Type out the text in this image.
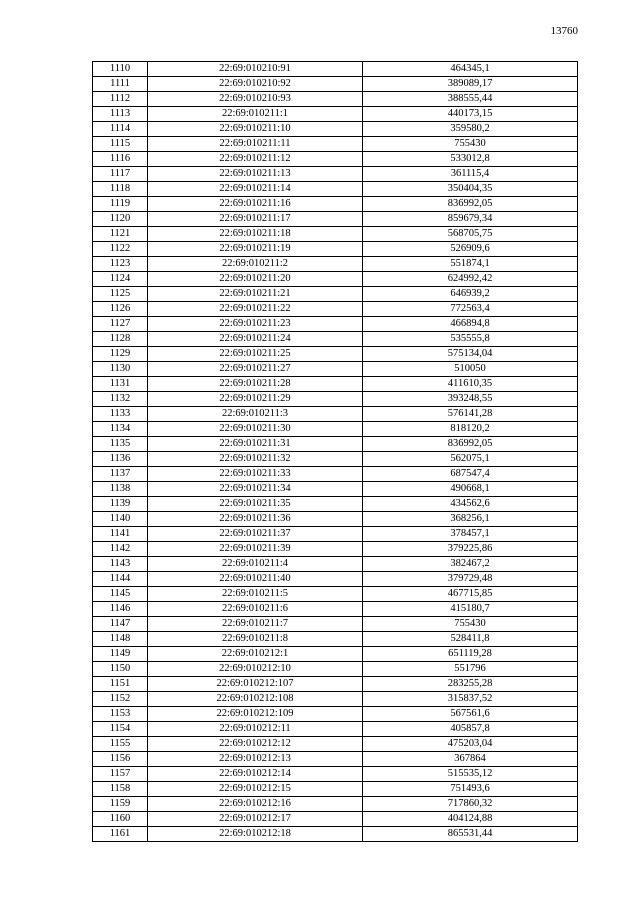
13760
1110	22:69:010210:91	464345,1
1111	22:69:010210:92	389089,17
1112	22:69:010210:93	388555,44
1113	22:69:010211:1	440173,15
1114	22:69:010211:10	359580,2
1115	22:69:010211:11	755430
1116	22:69:010211:12	533012,8
1117	22:69:010211:13	361115,4
1118	22:69:010211:14	350404,35
1119	22:69:010211:16	836992,05
1120	22:69:010211:17	859679,34
1121	22:69:010211:18	568705,75
1122	22:69:010211:19	526909,6
1123	22:69:010211:2	551874,1
1124	22:69:010211:20	624992,42
1125	22:69:010211:21	646939,2
1126	22:69:010211:22	772563,4
1127	22:69:010211:23	466894,8
1128	22:69:010211:24	535555,8
1129	22:69:010211:25	575134,04
1130	22:69:010211:27	510050
1131	22:69:010211:28	411610,35
1132	22:69:010211:29	393248,55
1133	22:69:010211:3	576141,28
1134	22:69:010211:30	818120,2
1135	22:69:010211:31	836992,05
1136	22:69:010211:32	562075,1
1137	22:69:010211:33	687547,4
1138	22:69:010211:34	490668,1
1139	22:69:010211:35	434562,6
1140	22:69:010211:36	368256,1
1141	22:69:010211:37	378457,1
1142	22:69:010211:39	379225,86
1143	22:69:010211:4	382467,2
1144	22:69:010211:40	379729,48
1145	22:69:010211:5	467715,85
1146	22:69:010211:6	415180,7
1147	22:69:010211:7	755430
1148	22:69:010211:8	528411,8
1149	22:69:010212:1	651119,28
1150	22:69:010212:10	551796
1151	22:69:010212:107	283255,28
1152	22:69:010212:108	315837,52
1153	22:69:010212:109	567561,6
1154	22:69:010212:11	405857,8
1155	22:69:010212:12	475203,04
1156	22:69:010212:13	367864
1157	22:69:010212:14	515535,12
1158	22:69:010212:15	751493,6
1159	22:69:010212:16	717860,32
1160	22:69:010212:17	404124,88
1161	22:69:010212:18	865531,44
